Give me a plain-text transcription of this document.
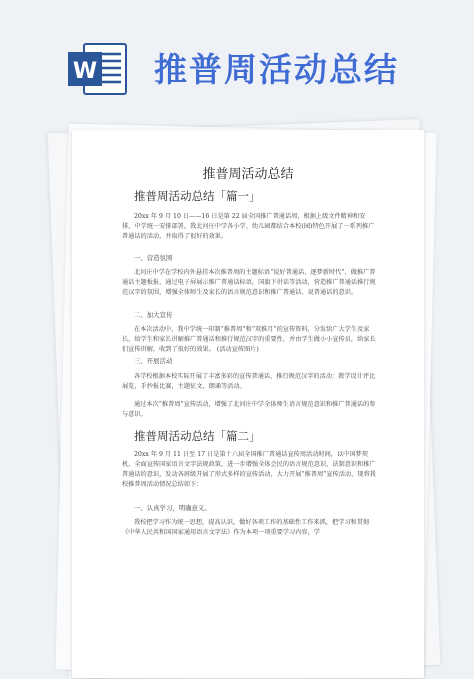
W 推普周活动总结

推普周活动总结
推普周活动总结「篇一」
20xx 年 9 月 10 日——16 日是第 22 届全国推广普通话周，根据上级文件精神和安排，中学统一安排部署，我北河庄中学各小学、幼儿园都结合本校(园)特色开展了一系列推广普通话的活动，并取得了很好的效果。
一、营造氛围
北河庄中学在学校内外悬挂本次推普周的主题标语“说好普通话，逐梦新时代”，做推广普通话主题板报，通过电子屏展示推广普通话标语，国旗下讲话等活动，营造推广普通话推行规范汉字的氛围，增强全体师生及家长的语言规范意识和推广普通话、说普通话的意识。
二、加大宣传
在本次活动中，我中学统一印制“推普周”和“双推月”的宣传资料，分发给广大学生及家长，给学生和家长讲解推广普通话和推行规范汉字的重要性，并由学生做小小宣传员，给家长们宣传讲解，收到了很好的效果。 (活动宣传图片)
三、开展活动
各学校根据本校实际开展了丰富多彩的宣传普通话，推行规范汉字的活动：教学设计评比展览，手抄报比赛，主题征文、朗诵等活动。
通过本次“推普周”宣传活动，增强了北河庄中学全体师生语言规范意识和推广普通话的参与意识。
推普周活动总结「篇二」
20xx 年 9 月 11 日至 17 日是第十六届全国推广普通话宣传周活动时间，以中国梦契机，全面宣传国家语言文字法规政策，进一步增强全体会民的语言规范意识，法制意识和推广普通话的意识，发动各班级开展了形式多样的宣传活动，大力开展“推普周”宣传活动，现将我校推普周活动情况总结如下：
一、认真学习，明确意义。
我校把学习作为统一思想，提高认识，做好各项工作的基础性工作来抓，把学习和贯彻《中华人民共和国国家通用语言文字法》作为本项一项重要学习内容，学
